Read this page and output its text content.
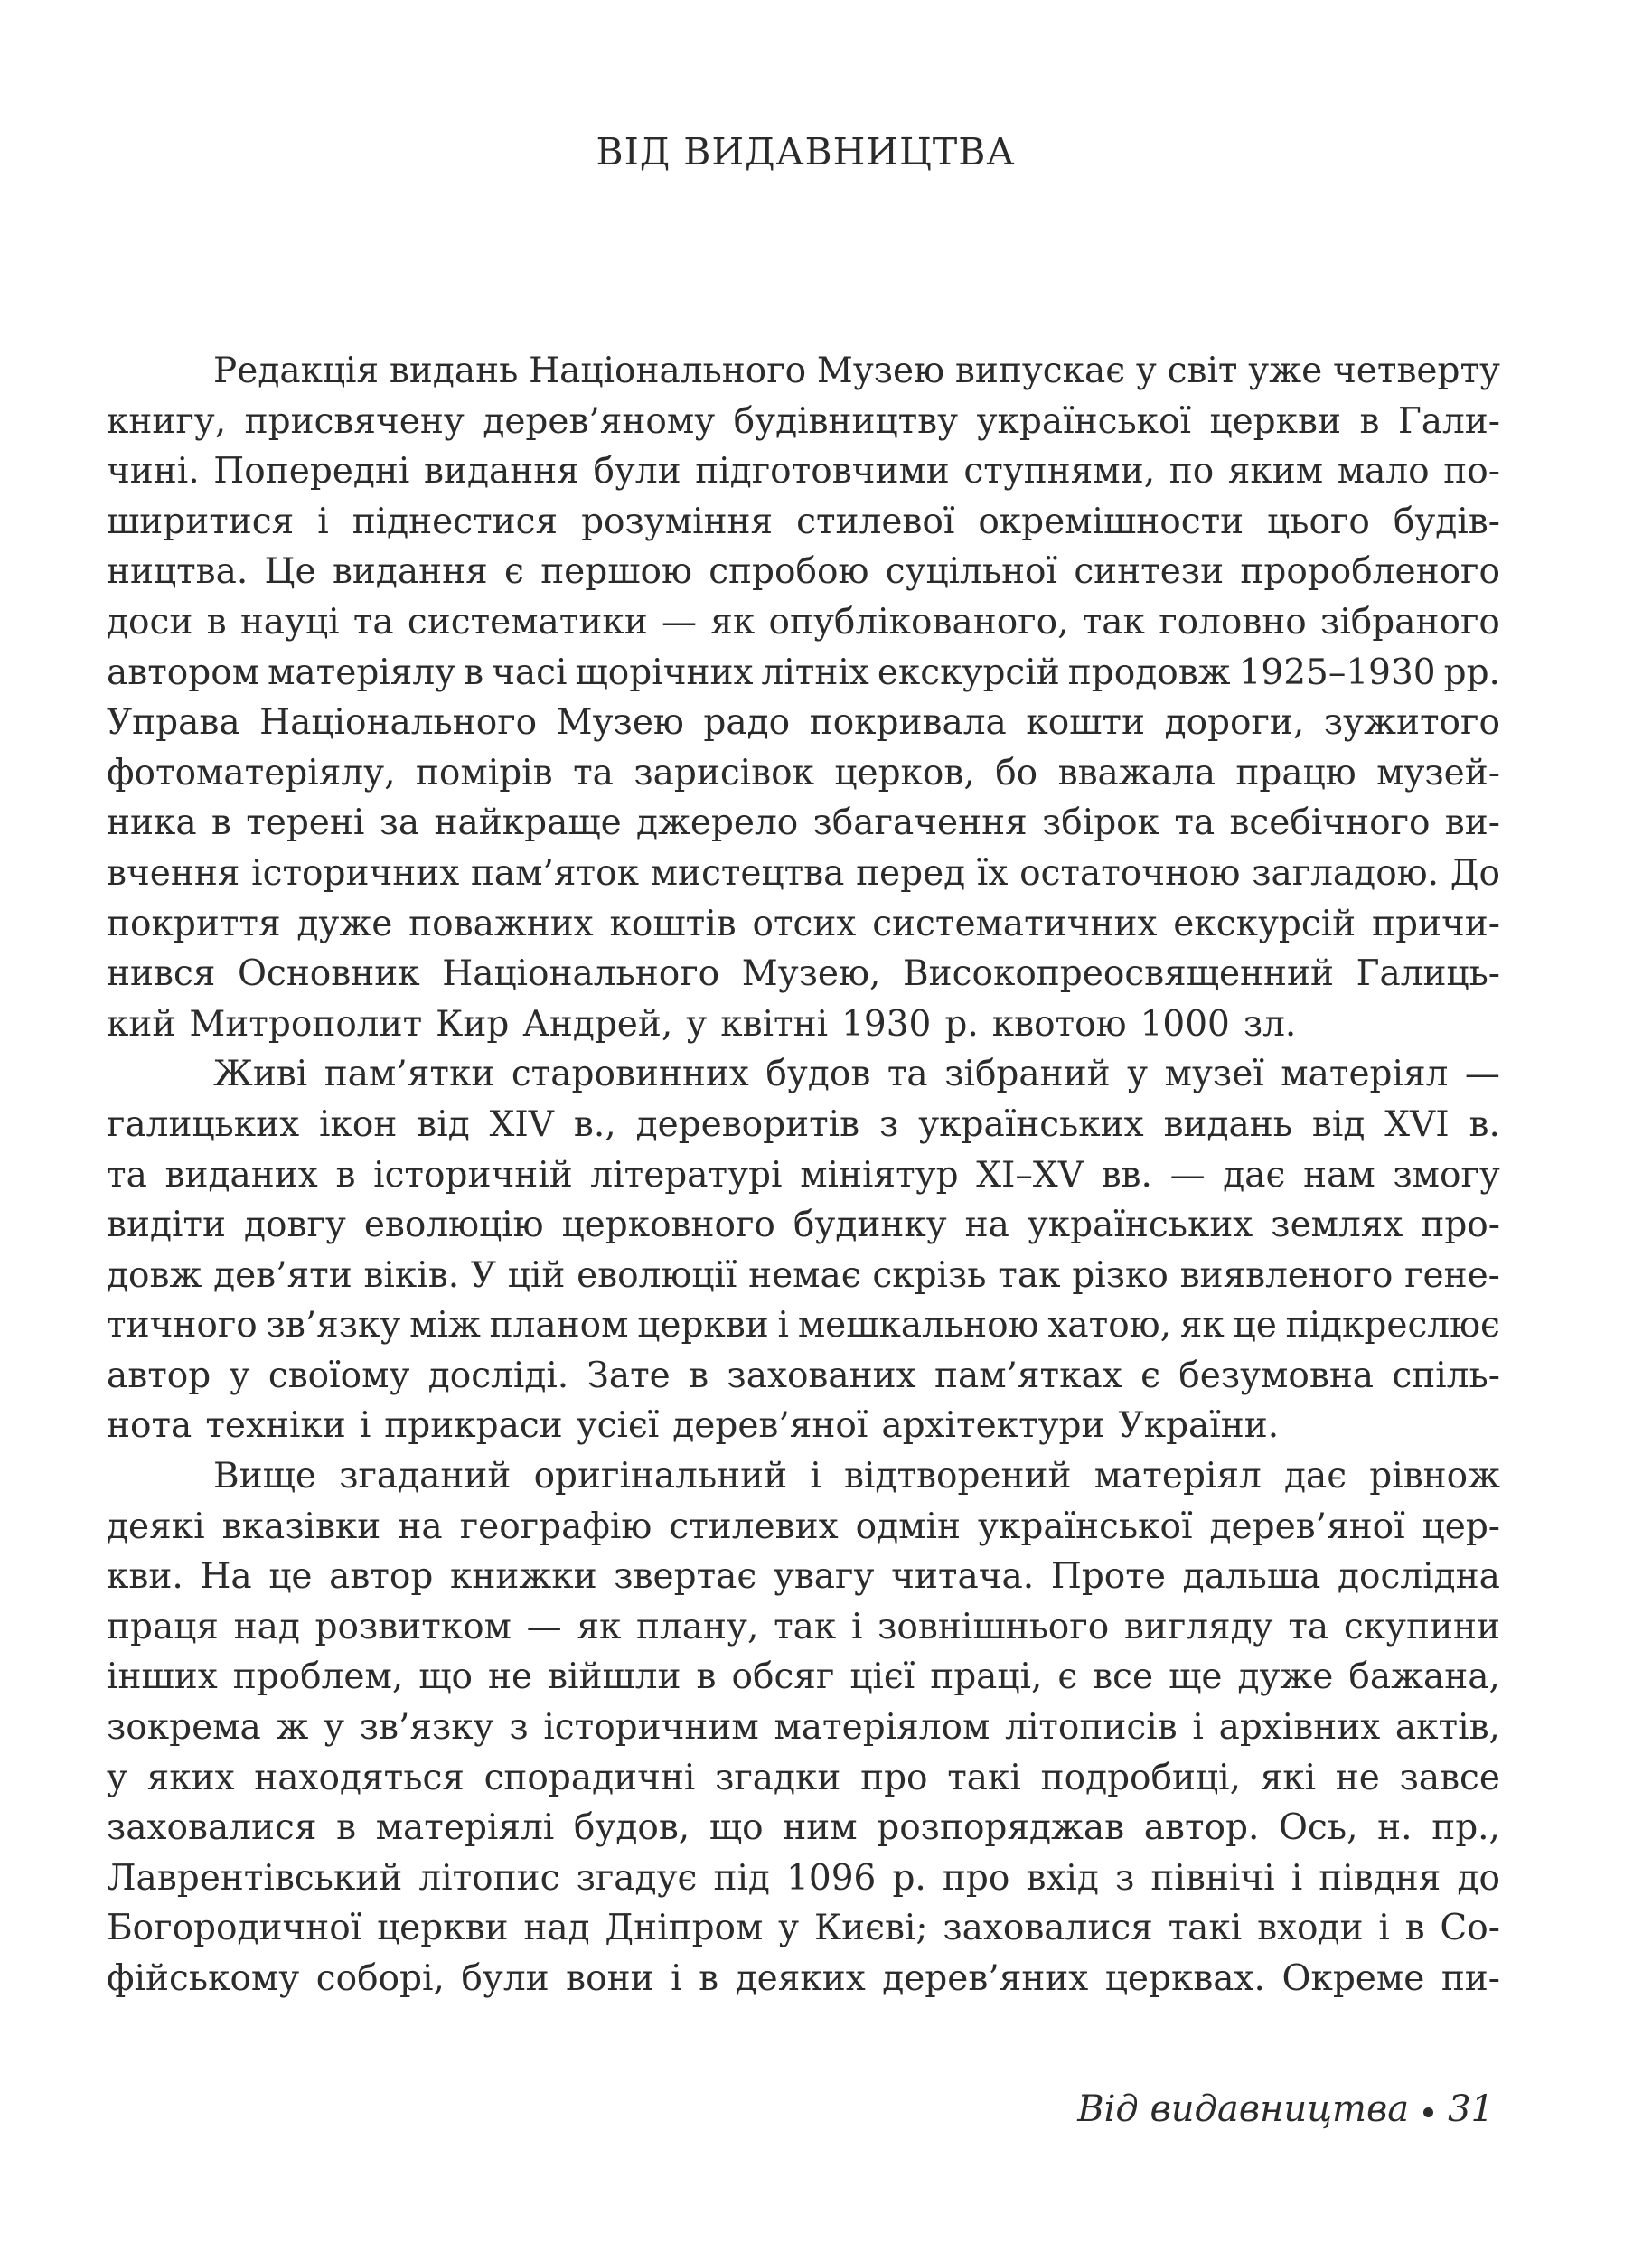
ВІД ВИДАВНИЦТВА
Редакція видань Національного Музею випускає у світ уже четверту
книгу, присвячену дерев’яному будівництву української церкви в Гали-
чині. Попередні видання були підготовчими ступнями, по яким мало по-
ширитися і піднестися розуміння стилевої окремішности цього будів-
ництва. Це видання є першою спробою суцільної синтези проробленого
доси в науці та систематики — як опублікованого, так головно зібраного
автором матеріялу в часі щорічних літніх екскурсій продовж 1925–1930 рр.
Управа Національного Музею радо покривала кошти дороги, зужитого
фотоматеріялу, помірів та зарисівок церков, бо вважала працю музей-
ника в терені за найкраще джерело збагачення збірок та всебічного ви-
вчення історичних пам’яток мистецтва перед їх остаточною загладою. До
покриття дуже поважних коштів отсих систематичних екскурсій причи-
нився Основник Національного Музею, Високопреосвященний Галиць-
кий Митрополит Кир Андрей, у квітні 1930 р. квотою 1000 зл.
Живі пам’ятки старовинних будов та зібраний у музеї матеріял —
галицьких ікон від XIV в., дереворитів з українських видань від XVI в.
та виданих в історичній літературі мініятур XI–XV вв. — дає нам змогу
видіти довгу еволюцію церковного будинку на українських землях про-
довж дев’яти віків. У цій еволюції немає скрізь так різко виявленого гене-
тичного зв’язку між планом церкви і мешкальною хатою, як це підкреслює
автор у своїому досліді. Зате в захованих пам’ятках є безумовна спіль-
нота техніки і прикраси усієї дерев’яної архітектури України.
Вище згаданий оригінальний і відтворений матеріял дає рівнож
деякі вказівки на географію стилевих одмін української дерев’яної цер-
кви. На це автор книжки звертає увагу читача. Проте дальша дослідна
праця над розвитком — як плану, так і зовнішнього вигляду та скупини
інших проблем, що не війшли в обсяг цієї праці, є все ще дуже бажана,
зокрема ж у зв’язку з історичним матеріялом літописів і архівних актів,
у яких находяться спорадичні згадки про такі подробиці, які не завсе
заховалися в матеріялі будов, що ним розпоряджав автор. Ось, н. пр.,
Лаврентівський літопис згадує під 1096 р. про вхід з північі і півдня до
Богородичної церкви над Дніпром у Києві; заховалися такі входи і в Со-
фійському соборі, були вони і в деяких дерев’яних церквах. Окреме пи-
Від видавництва 31
